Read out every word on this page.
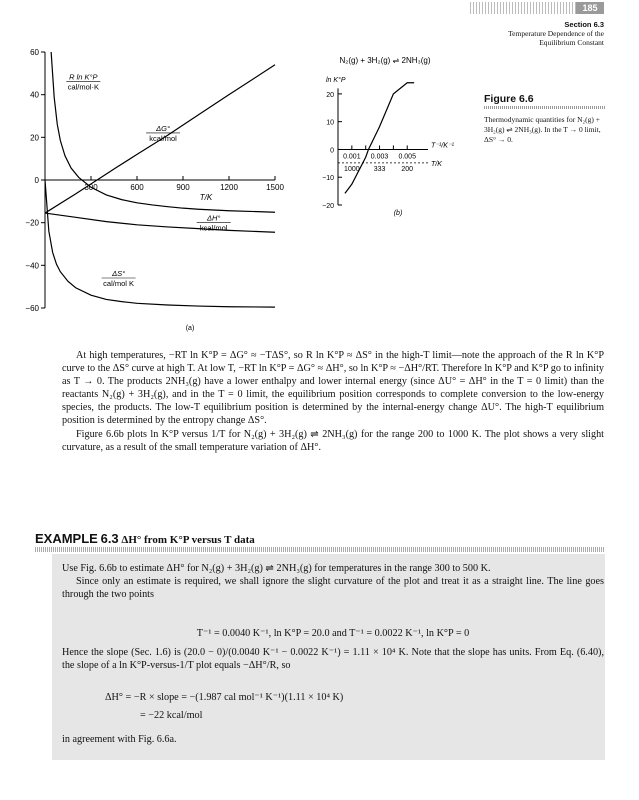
185
Section 6.3
Temperature Dependence of the
Equilibrium Constant
60
40
20
0
−20
−40
−60
300	600	900	1200	1500
T/K
(a)
R ln K°P
cal/mol·K
ΔG°
kcal/mol
ΔH°
kcal/mol
ΔS°
cal/mol K
N₂(g) + 3H₂(g) ⇌ 2NH₃(g)
ln K°P
20
10
0
−10
−20
0.001
1000
0.003
333
0.005
200
T⁻¹/K⁻¹
T/K
(b)
Figure 6.6
Thermodynamic quantities for N₂(g) + 3H₂(g) ⇌ 2NH₃(g). In the T → 0 limit, ΔS° → 0.

At high temperatures, −RT ln K°P = ΔG° ≈ −TΔS°, so R ln K°P ≈ ΔS° in the high-T limit—note the approach of the R ln K°P curve to the ΔS° curve at high T. At low T, −RT ln K°P = ΔG° ≈ ΔH°, so ln K°P ≈ −ΔH°/RT. Therefore ln K°P and K°P go to infinity as T → 0. The products 2NH₃(g) have a lower enthalpy and lower internal energy (since ΔU° = ΔH° in the T = 0 limit) than the reactants N₂(g) + 3H₂(g), and in the T = 0 limit, the equilibrium position corresponds to complete conversion to the low-energy species, the products. The low-T equilibrium position is determined by the internal-energy change ΔU°. The high-T equilibrium position is determined by the entropy change ΔS°.

Figure 6.6b plots ln K°P versus 1/T for N₂(g) + 3H₂(g) ⇌ 2NH₃(g) for the range 200 to 1000 K. The plot shows a very slight curvature, as a result of the small temperature variation of ΔH°.

EXAMPLE 6.3 ΔH° from K°P versus T data

Use Fig. 6.6b to estimate ΔH° for N₂(g) + 3H₂(g) ⇌ 2NH₃(g) for temperatures in the range 300 to 500 K.

Since only an estimate is required, we shall ignore the slight curvature of the plot and treat it as a straight line. The line goes through the two points

T⁻¹ = 0.0040 K⁻¹, ln K°P = 20.0 and T⁻¹ = 0.0022 K⁻¹, ln K°P = 0

Hence the slope (Sec. 1.6) is (20.0 − 0)/(0.0040 K⁻¹ − 0.0022 K⁻¹) = 1.11 × 10⁴ K. Note that the slope has units. From Eq. (6.40), the slope of a ln K°P-versus-1/T plot equals −ΔH°/R, so

ΔH° = −R × slope = −(1.987 cal mol⁻¹ K⁻¹)(1.11 × 10⁴ K)
= −22 kcal/mol

in agreement with Fig. 6.6a.
